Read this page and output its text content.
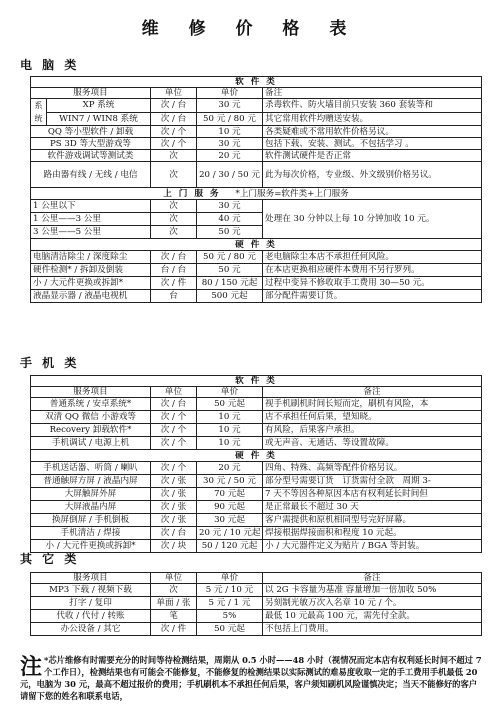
维 修 价 格 表
电 脑 类
软 件 类				
服务项目		单位	单价	备注
系统	XP 系统	次 / 台	30 元	杀毒软件、防火墙目前只安装 360 套装等和
	WIN7 / WIN8 系统	次 / 台	50 元 / 80 元	其它常用软件均赠送安装。
QQ 等小型软件 / 卸载		次 / 个	10 元	各类疑难或不常用软件价格另议。
PS 3D 等大型游戏等		次 / 个	30 元	包括下载、安装、测试。不包括学习 。
软件游戏调试等测试类		次	20 元	软件测试硬件是否正常
路由器有线 / 无线 / 电信		次	20 / 30 / 50 元	此为每次价格，专业级、外文级别价格另议。
上 门 服 务 *上门服务=软件类+上门服务				
1 公里以下		次	30 元	处理在 30 分钟以上每 10 分钟加收 10 元。
1 公里——3 公里		次	40 元	
3 公里——5 公里		次	50 元	
硬 件 类				
电脑清洁除尘 / 深度除尘		次 / 台	50 元 / 80 元	老电脑除尘本店不承担任何风险。
硬件检测* / 拆卸及倒装		台 / 台	50 元	在本店更换相应硬件本费用不另行罗列。
小 / 大元件更换或拆卸*		次 / 件	80 / 150 元起	过程中变异不修收取手工费用 30—50 元。
液晶显示器 / 液晶电视机		台	500 元起	部分配件需要订货。
手 机 类
软 件 类			
服务项目	单位	单价	备注
普通系统 / 安卓系统*	次 / 台	50 元起	视手机刷机时间长短而定，刷机有风险，本
双清 QQ 微信 小游戏等	次 / 个	10 元	店不承担任何后果，望知晓。
Recovery 卸载软件*	次 / 个	10 元	有风险，后果客户承担。
手机调试 / 电源上机	次 / 个	10 元	或无声音、无通话、等设置故障。
硬 件 类			
手机送话器、听筒 / 喇叭	次 / 个	20 元	四角、特殊、高频等配件价格另议。
普通触屏方屏 / 液晶内屏	次 / 张	30 元 / 50 元	部分型号需要订货　订货需付全款　周期 3-
大屏触屏外屏	次 / 张	70 元起	7 天不等因各种原因本店有权利延长时间但
大屏液晶内屏	次 / 张	90 元起	是正常最长不超过 30 天
换屏倒屏 / 手机倒板	次 / 张	30 元起	客户需提供和原机相同型号完好屏幕。
手机清洁 / 焊接	次 / 台	20 元 / 10 元起	焊接根据焊接面积和程度 10 元起。
小 / 大元件更换或拆卸*	次 / 块	50 / 120 元起	小 / 大元器件定义为贴片 / BGA 等封装。
其 它 类
服务项目	单位	单价	备注
MP3 下载 / 视频下载	次	5 元 / 10 元	以 2G 卡容量为基准 容量增加一倍加收 50%
打字 / 复印	单面 / 张	5 元 / 1 元	另刻制光敏万次入名章 10 元 / 个。
代收 / 代付 / 转账	笔	5%	最低 10 元最高 100 元，需先付全款。
办公设备 / 其它	次 / 件	50 元起	不包括上门费用。
注 *芯片维修有时需要充分的时间等待检测结果，周期从 0.5 小时——48 小时（视情况而定本店有权利延长时间不超过 7 个工作日），检测结果也有可能会不能修复，不能修复的检测结果以实际测试的难易度收取一定的手工费用手机最低 20 元，电脑为 30 元，最高不超过报价的费用；手机刷机本不承担任何后果，客户须知刷机风险谨慎决定；当天不能修好的客户请留下您的姓名和联系电话，
